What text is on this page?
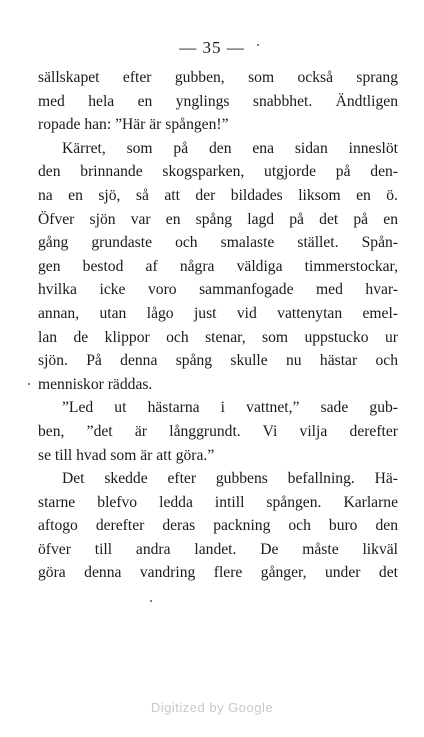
— 35 —
sällskapet efter gubben, som också sprang
med hela en ynglings snabbhet. Ändtligen
ropade han: ”Här är spången!”
Kärret, som på den ena sidan inneslöt
den brinnande skogsparken, utgjorde på den-
na en sjö, så att der bildades liksom en ö.
Öfver sjön var en spång lagd på det på en
gång grundaste och smalaste stället. Spån-
gen bestod af några väldiga timmerstockar,
hvilka icke voro sammanfogade med hvar-
annan, utan lågo just vid vattenytan emel-
lan de klippor och stenar, som uppstucko ur
sjön. På denna spång skulle nu hästar och
menniskor räddas.
”Led ut hästarna i vattnet,” sade gub-
ben, ”det är långgrundt. Vi vilja derefter
se till hvad som är att göra.”
Det skedde efter gubbens befallning. Hä-
starne blefvo ledda intill spången. Karlarne
aftogo derefter deras packning och buro den
öfver till andra landet. De måste likväl
göra denna vandring flere gånger, under det
Digitized by Google
